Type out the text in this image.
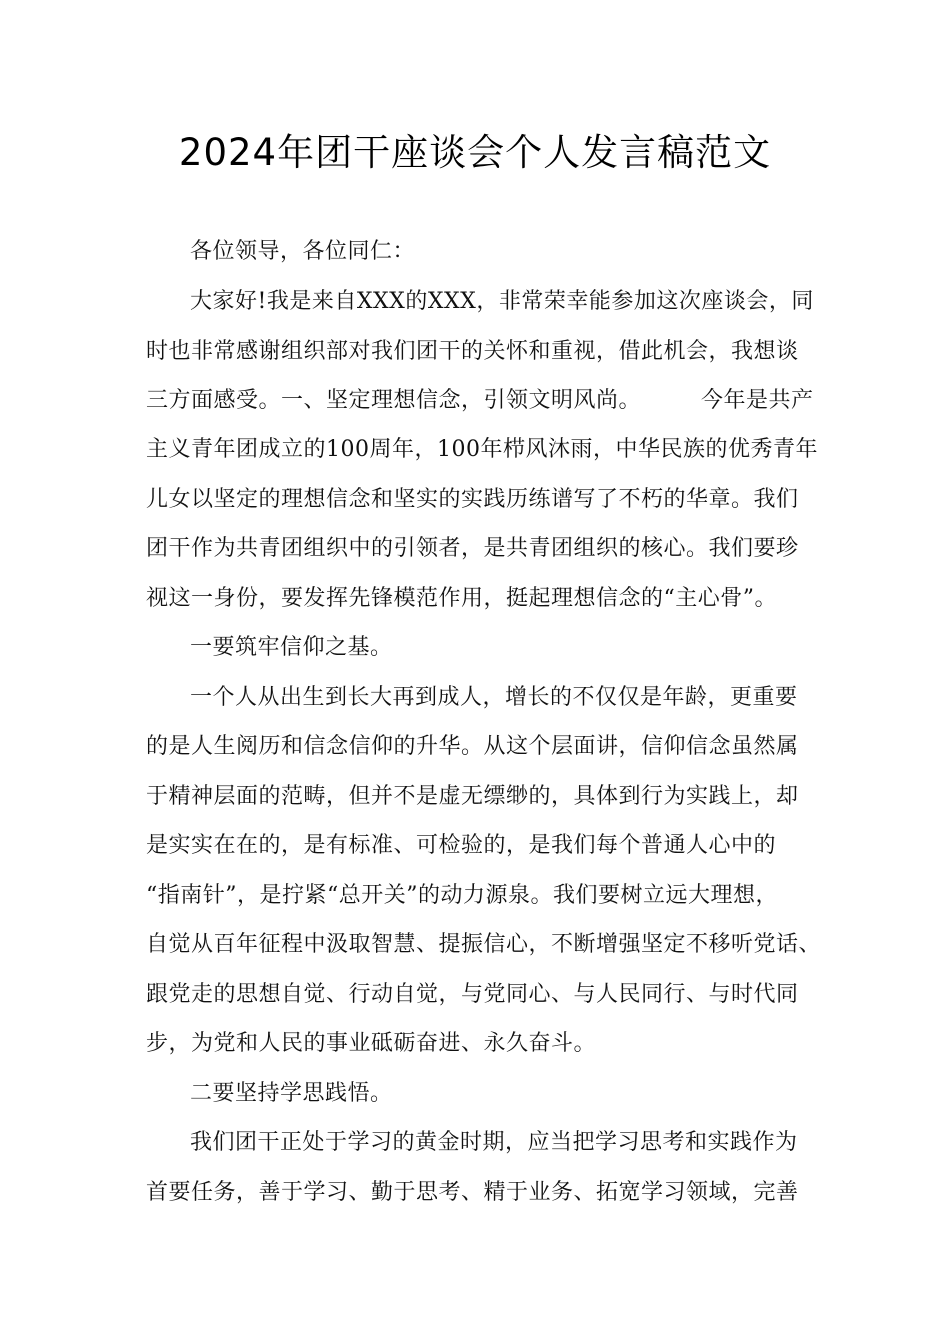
2024年团干座谈会个人发言稿范文
各位领导，各位同仁：
大家好!我是来自XXX的XXX，非常荣幸能参加这次座谈会，同
时也非常感谢组织部对我们团干的关怀和重视，借此机会，我想谈
三方面感受。一、坚定理想信念，引领文明风尚。        今年是共产
主义青年团成立的100周年，100年栉风沐雨，中华民族的优秀青年
儿女以坚定的理想信念和坚实的实践历练谱写了不朽的华章。我们
团干作为共青团组织中的引领者，是共青团组织的核心。我们要珍
视这一身份，要发挥先锋模范作用，挺起理想信念的“主心骨”。
一要筑牢信仰之基。
一个人从出生到长大再到成人，增长的不仅仅是年龄，更重要
的是人生阅历和信念信仰的升华。从这个层面讲，信仰信念虽然属
于精神层面的范畴，但并不是虚无缥缈的，具体到行为实践上，却
是实实在在的，是有标准、可检验的，是我们每个普通人心中的
“指南针”，是拧紧“总开关”的动力源泉。我们要树立远大理想，
自觉从百年征程中汲取智慧、提振信心，不断增强坚定不移听党话、
跟党走的思想自觉、行动自觉，与党同心、与人民同行、与时代同
步，为党和人民的事业砥砺奋进、永久奋斗。
二要坚持学思践悟。
我们团干正处于学习的黄金时期，应当把学习思考和实践作为
首要任务，善于学习、勤于思考、精于业务、拓宽学习领域，完善
